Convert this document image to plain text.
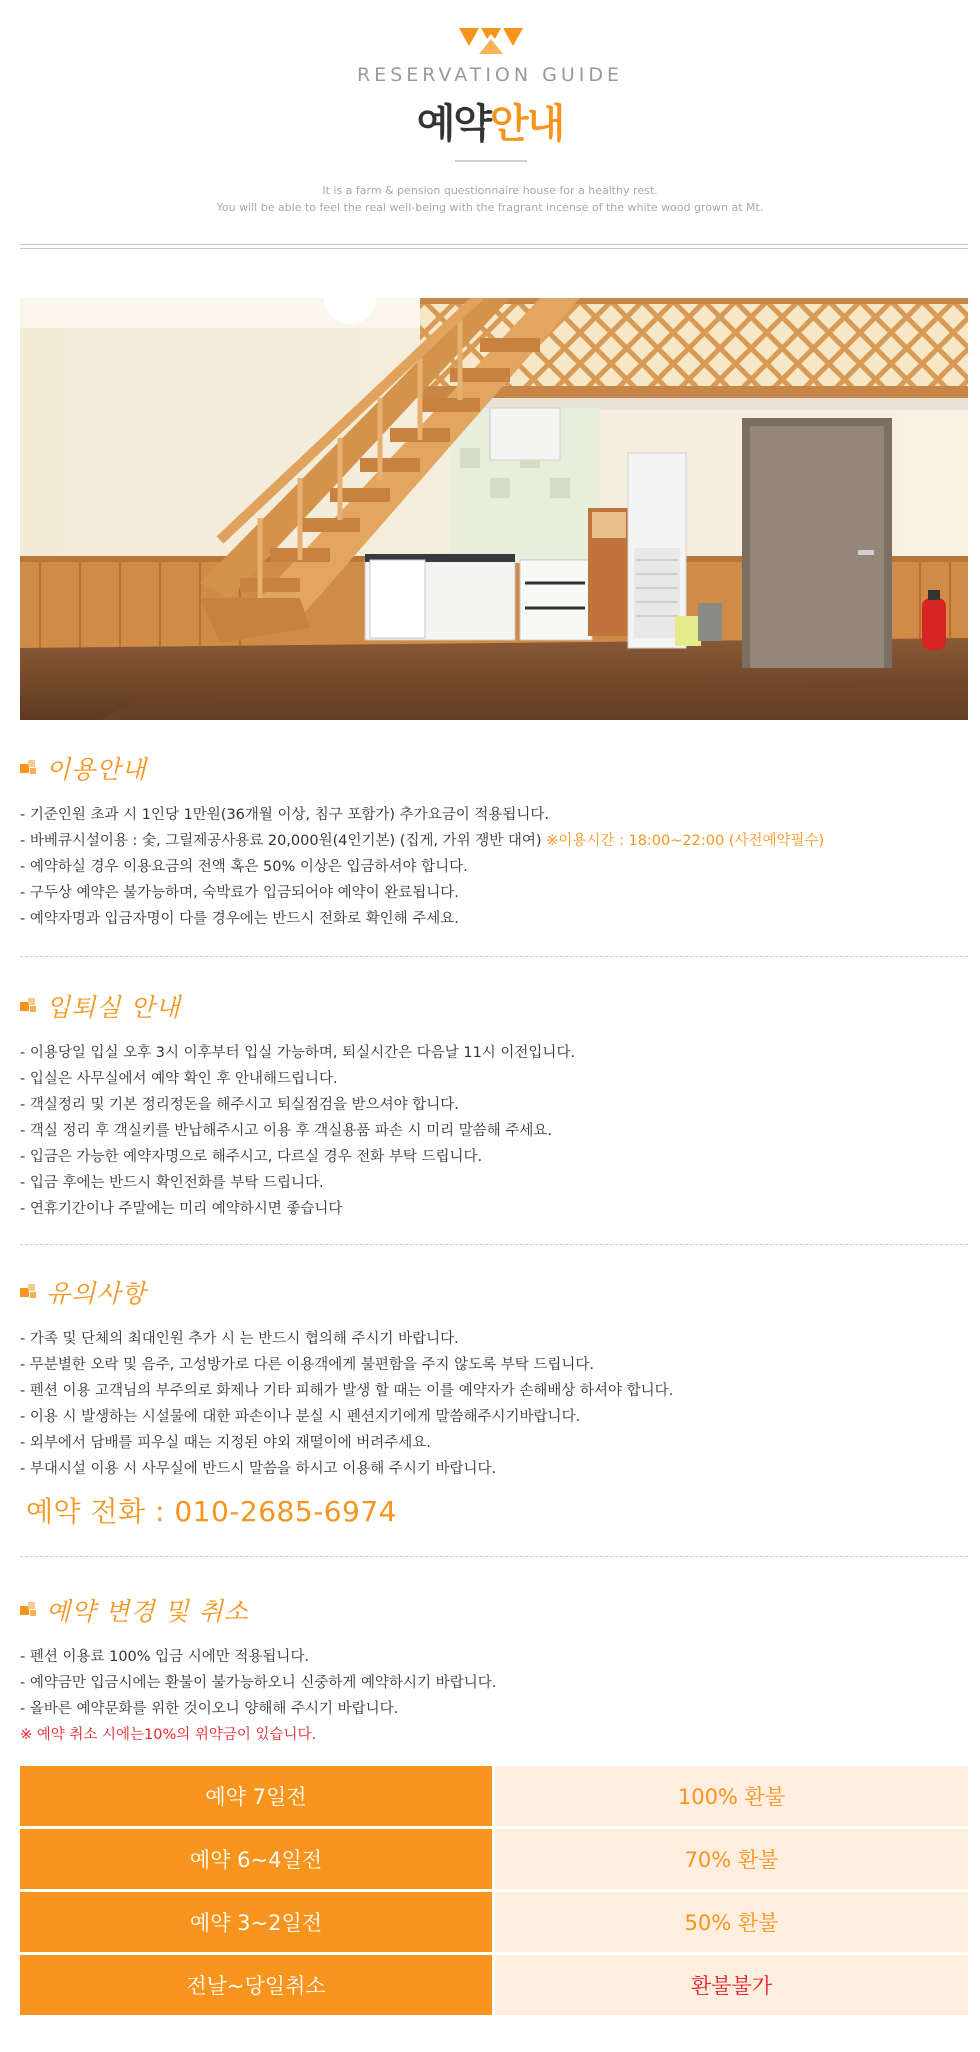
RESERVATION GUIDE
예약안내
It is a farm & pension questionnaire house for a healthy rest.
You will be able to feel the real well-being with the fragrant incense of the white wood grown at Mt.
이용안내
- 기준인원 초과 시 1인당 1만원(36개월 이상, 침구 포함가) 추가요금이 적용됩니다.
- 바베큐시설이용 : 숯, 그릴제공사용료 20,000원(4인기본) (집게, 가위 쟁반 대여) ※이용시간 : 18:00~22:00 (사전예약필수)
- 예약하실 경우 이용요금의 전액 혹은 50% 이상은 입금하셔야 합니다.
- 구두상 예약은 불가능하며, 숙박료가 입금되어야 예약이 완료됩니다.
- 예약자명과 입금자명이 다를 경우에는 반드시 전화로 확인해 주세요.
입퇴실 안내
- 이용당일 입실 오후 3시 이후부터 입실 가능하며, 퇴실시간은 다음날 11시 이전입니다.
- 입실은 사무실에서 예약 확인 후 안내해드립니다.
- 객실정리 및 기본 정리정돈을 해주시고 퇴실점검을 받으셔야 합니다.
- 객실 정리 후 객실키를 반납해주시고 이용 후 객실용품 파손 시 미리 말씀해 주세요.
- 입금은 가능한 예약자명으로 해주시고, 다르실 경우 전화 부탁 드립니다.
- 입금 후에는 반드시 확인전화를 부탁 드립니다.
- 연휴기간이나 주말에는 미리 예약하시면 좋습니다
유의사항
- 가족 및 단체의 최대인원 추가 시 는 반드시 협의해 주시기 바랍니다.
- 무분별한 오락 및 음주, 고성방가로 다른 이용객에게 불편함을 주지 않도록 부탁 드립니다.
- 펜션 이용 고객님의 부주의로 화제나 기타 피해가 발생 할 때는 이를 예약자가 손해배상 하셔야 합니다.
- 이용 시 발생하는 시설물에 대한 파손이나 분실 시 펜션지기에게 말씀해주시기바랍니다.
- 외부에서 담배를 피우실 때는 지정된 야외 재떨이에 버려주세요.
- 부대시설 이용 시 사무실에 반드시 말씀을 하시고 이용해 주시기 바랍니다.
예약 전화 : 010-2685-6974
예약 변경 및 취소
- 펜션 이용료 100% 입금 시에만 적용됩니다.
- 예약금만 입금시에는 환불이 불가능하오니 신중하게 예약하시기 바랍니다.
- 올바른 예약문화를 위한 것이오니 양해해 주시기 바랍니다.
※ 예약 취소 시에는10%의 위약금이 있습니다.
예약 7일전	100% 환불
예약 6~4일전	70% 환불
예약 3~2일전	50% 환불
전날~당일취소	환불불가
